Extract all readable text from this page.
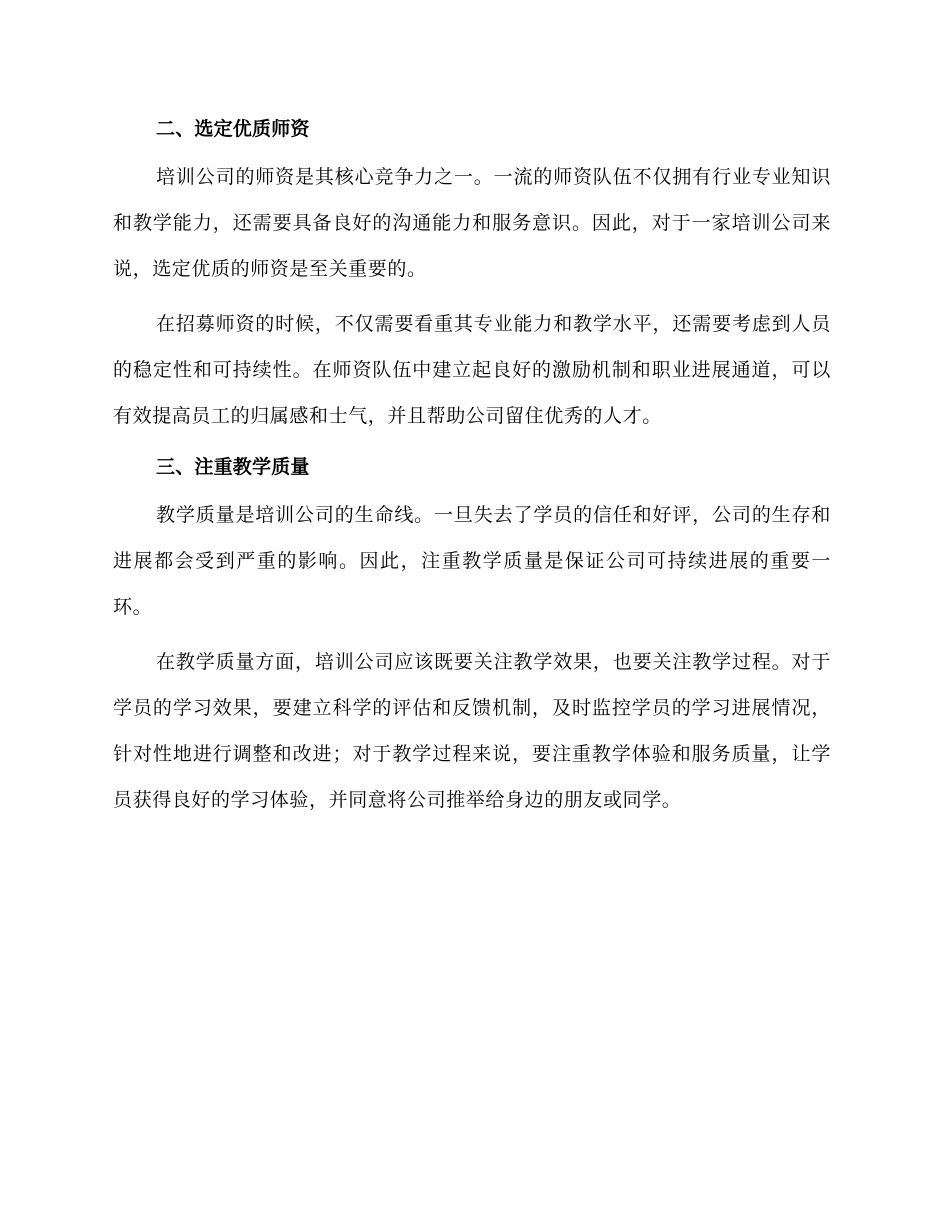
二、选定优质师资

培训公司的师资是其核心竞争力之一。一流的师资队伍不仅拥有行业专业知识和教学能力，还需要具备良好的沟通能力和服务意识。因此，对于一家培训公司来说，选定优质的师资是至关重要的。

在招募师资的时候，不仅需要看重其专业能力和教学水平，还需要考虑到人员的稳定性和可持续性。在师资队伍中建立起良好的激励机制和职业进展通道，可以有效提高员工的归属感和士气，并且帮助公司留住优秀的人才。

三、注重教学质量

教学质量是培训公司的生命线。一旦失去了学员的信任和好评，公司的生存和进展都会受到严重的影响。因此，注重教学质量是保证公司可持续进展的重要一环。

在教学质量方面，培训公司应该既要关注教学效果，也要关注教学过程。对于学员的学习效果，要建立科学的评估和反馈机制，及时监控学员的学习进展情况，针对性地进行调整和改进；对于教学过程来说，要注重教学体验和服务质量，让学员获得良好的学习体验，并同意将公司推举给身边的朋友或同学。
